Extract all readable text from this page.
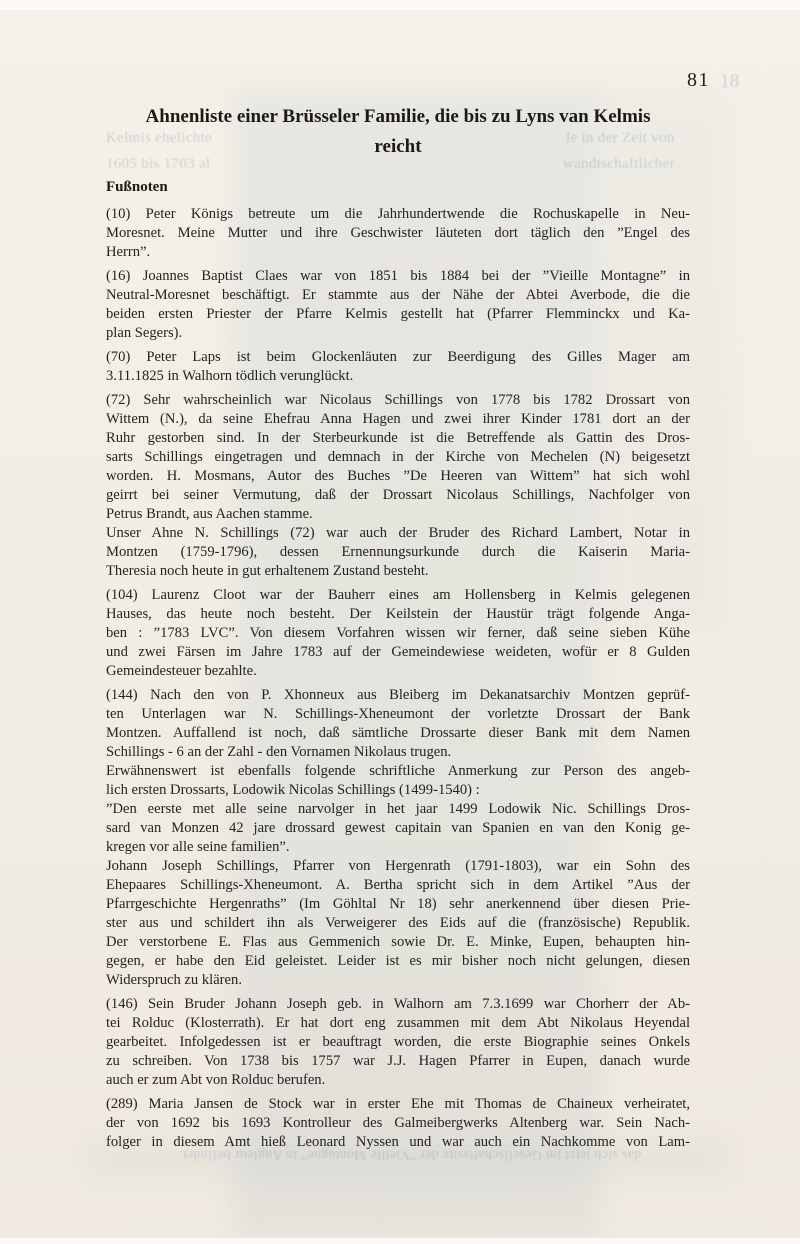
Kelmis ehelichte
1605 bis 1703 al
le in der Zeit von
wandtschaftlicher
18
das sich jetzt im Gesellschaftssitz der ”Vieille Montagne” in Angleur befindet.
81
Ahnenliste einer Brüsseler Familie, die bis zu Lyns van Kelmis
reicht
Fußnoten
(10) Peter Königs betreute um die Jahrhundertwende die Rochuskapelle in Neu-
Moresnet. Meine Mutter und ihre Geschwister läuteten dort täglich den ”Engel des
Herrn”.
(16) Joannes Baptist Claes war von 1851 bis 1884 bei der ”Vieille Montagne” in
Neutral-Moresnet beschäftigt. Er stammte aus der Nähe der Abtei Averbode, die die
beiden ersten Priester der Pfarre Kelmis gestellt hat (Pfarrer Flemminckx und Ka-
plan Segers).
(70) Peter Laps ist beim Glockenläuten zur Beerdigung des Gilles Mager am
3.11.1825 in Walhorn tödlich verunglückt.
(72) Sehr wahrscheinlich war Nicolaus Schillings von 1778 bis 1782 Drossart von
Wittem (N.), da seine Ehefrau Anna Hagen und zwei ihrer Kinder 1781 dort an der
Ruhr gestorben sind. In der Sterbeurkunde ist die Betreffende als Gattin des Dros-
sarts Schillings eingetragen und demnach in der Kirche von Mechelen (N) beigesetzt
worden. H. Mosmans, Autor des Buches ”De Heeren van Wittem” hat sich wohl
geirrt bei seiner Vermutung, daß der Drossart Nicolaus Schillings, Nachfolger von
Petrus Brandt, aus Aachen stamme.
Unser Ahne N. Schillings (72) war auch der Bruder des Richard Lambert, Notar in
Montzen (1759-1796), dessen Ernennungsurkunde durch die Kaiserin Maria-
Theresia noch heute in gut erhaltenem Zustand besteht.
(104) Laurenz Cloot war der Bauherr eines am Hollensberg in Kelmis gelegenen
Hauses, das heute noch besteht. Der Keilstein der Haustür trägt folgende Anga-
ben : ”1783 LVC”. Von diesem Vorfahren wissen wir ferner, daß seine sieben Kühe
und zwei Färsen im Jahre 1783 auf der Gemeindewiese weideten, wofür er 8 Gulden
Gemeindesteuer bezahlte.
(144) Nach den von P. Xhonneux aus Bleiberg im Dekanatsarchiv Montzen geprüf-
ten Unterlagen war N. Schillings-Xheneumont der vorletzte Drossart der Bank
Montzen. Auffallend ist noch, daß sämtliche Drossarte dieser Bank mit dem Namen
Schillings - 6 an der Zahl - den Vornamen Nikolaus trugen.
Erwähnenswert ist ebenfalls folgende schriftliche Anmerkung zur Person des angeb-
lich ersten Drossarts, Lodowik Nicolas Schillings (1499-1540) :
”Den eerste met alle seine narvolger in het jaar 1499 Lodowik Nic. Schillings Dros-
sard van Monzen 42 jare drossard gewest capitain van Spanien en van den Konig ge-
kregen vor alle seine familien”.
Johann Joseph Schillings, Pfarrer von Hergenrath (1791-1803), war ein Sohn des
Ehepaares Schillings-Xheneumont. A. Bertha spricht sich in dem Artikel ”Aus der
Pfarrgeschichte Hergenraths” (Im Göhltal Nr 18) sehr anerkennend über diesen Prie-
ster aus und schildert ihn als Verweigerer des Eids auf die (französische) Republik.
Der verstorbene E. Flas aus Gemmenich sowie Dr. E. Minke, Eupen, behaupten hin-
gegen, er habe den Eid geleistet. Leider ist es mir bisher noch nicht gelungen, diesen
Widerspruch zu klären.
(146) Sein Bruder Johann Joseph geb. in Walhorn am 7.3.1699 war Chorherr der Ab-
tei Rolduc (Klosterrath). Er hat dort eng zusammen mit dem Abt Nikolaus Heyendal
gearbeitet. Infolgedessen ist er beauftragt worden, die erste Biographie seines Onkels
zu schreiben. Von 1738 bis 1757 war J.J. Hagen Pfarrer in Eupen, danach wurde
auch er zum Abt von Rolduc berufen.
(289) Maria Jansen de Stock war in erster Ehe mit Thomas de Chaineux verheiratet,
der von 1692 bis 1693 Kontrolleur des Galmeibergwerks Altenberg war. Sein Nach-
folger in diesem Amt hieß Leonard Nyssen und war auch ein Nachkomme von Lam-
